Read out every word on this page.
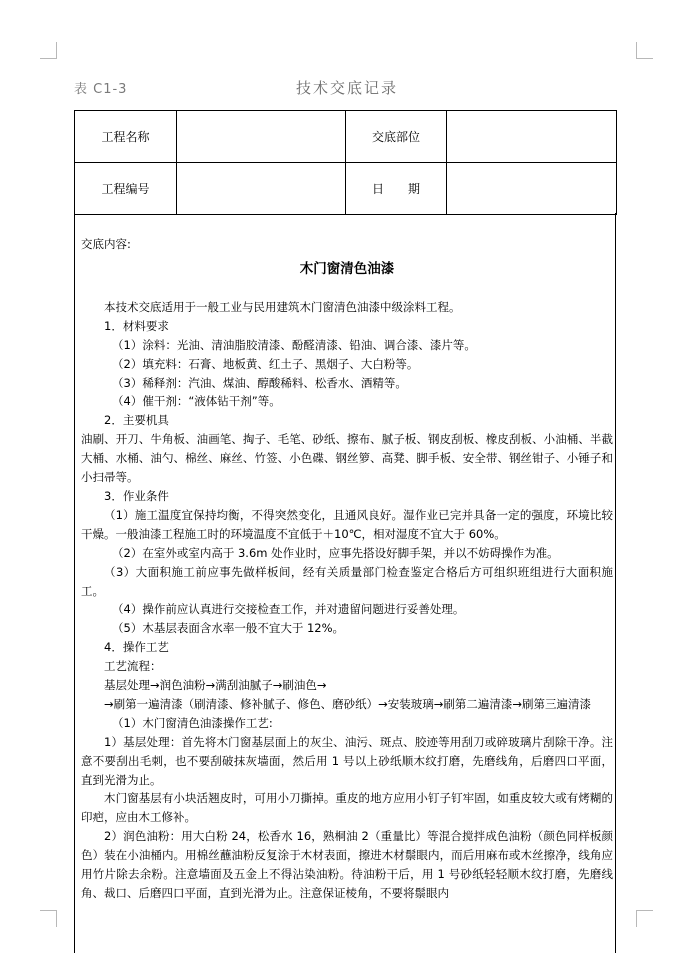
表 C1-3	技术交底记录
工程名称		交底部位	
工程编号		日　　期	

交底内容:

木门窗清色油漆

本技术交底适用于一般工业与民用建筑木门窗清色油漆中级涂料工程。

1．材料要求

（1）涂料：光油、清油脂胶清漆、酚醛清漆、铅油、调合漆、漆片等。

（2）填充料：石膏、地板黄、红土子、黑烟子、大白粉等。

（3）稀释剂：汽油、煤油、醇酸稀料、松香水、酒精等。

（4）催干剂：“液体钻干剂”等。

2．主要机具

油刷、开刀、牛角板、油画笔、掏子、毛笔、砂纸、擦布、腻子板、钢皮刮板、橡皮刮板、小油桶、半截大桶、水桶、油勺、棉丝、麻丝、竹签、小色碟、钢丝箩、高凳、脚手板、安全带、钢丝钳子、小锤子和小扫帚等。

3．作业条件

（1）施工温度宜保持均衡，不得突然变化，且通风良好。湿作业已完并具备一定的强度，环境比较干燥。一般油漆工程施工时的环境温度不宜低于＋10℃，相对湿度不宜大于 60%。

（2）在室外或室内高于 3.6m 处作业时，应事先搭设好脚手架，并以不妨碍操作为准。

（3）大面积施工前应事先做样板间，经有关质量部门检查鉴定合格后方可组织班组进行大面积施工。

（4）操作前应认真进行交接检查工作，并对遗留问题进行妥善处理。

（5）木基层表面含水率一般不宜大于 12%。

4．操作工艺

工艺流程：

基层处理→润色油粉→满刮油腻子→刷油色→

→刷第一遍清漆（刷清漆、修补腻子、修色、磨砂纸）→安装玻璃→刷第二遍清漆→刷第三遍清漆

（1）木门窗清色油漆操作工艺:

1）基层处理：首先将木门窗基层面上的灰尘、油污、斑点、胶迹等用刮刀或碎玻璃片刮除干净。注意不要刮出毛刺，也不要刮破抹灰墙面，然后用 1 号以上砂纸顺木纹打磨，先磨线角，后磨四口平面，直到光滑为止。

木门窗基层有小块活翘皮时，可用小刀撕掉。重皮的地方应用小钉子钉牢固，如重皮较大或有烤糊的印疤，应由木工修补。

2）润色油粉：用大白粉 24，松香水 16，熟桐油 2（重量比）等混合搅拌成色油粉（颜色同样板颜色）装在小油桶内。用棉丝蘸油粉反复涂于木材表面，擦进木材鬃眼内，而后用麻布或木丝擦净，线角应用竹片除去余粉。注意墙面及五金上不得沾染油粉。待油粉干后，用 1 号砂纸轻轻顺木纹打磨，先磨线角、裁口、后磨四口平面，直到光滑为止。注意保证棱角，不要将鬃眼内
